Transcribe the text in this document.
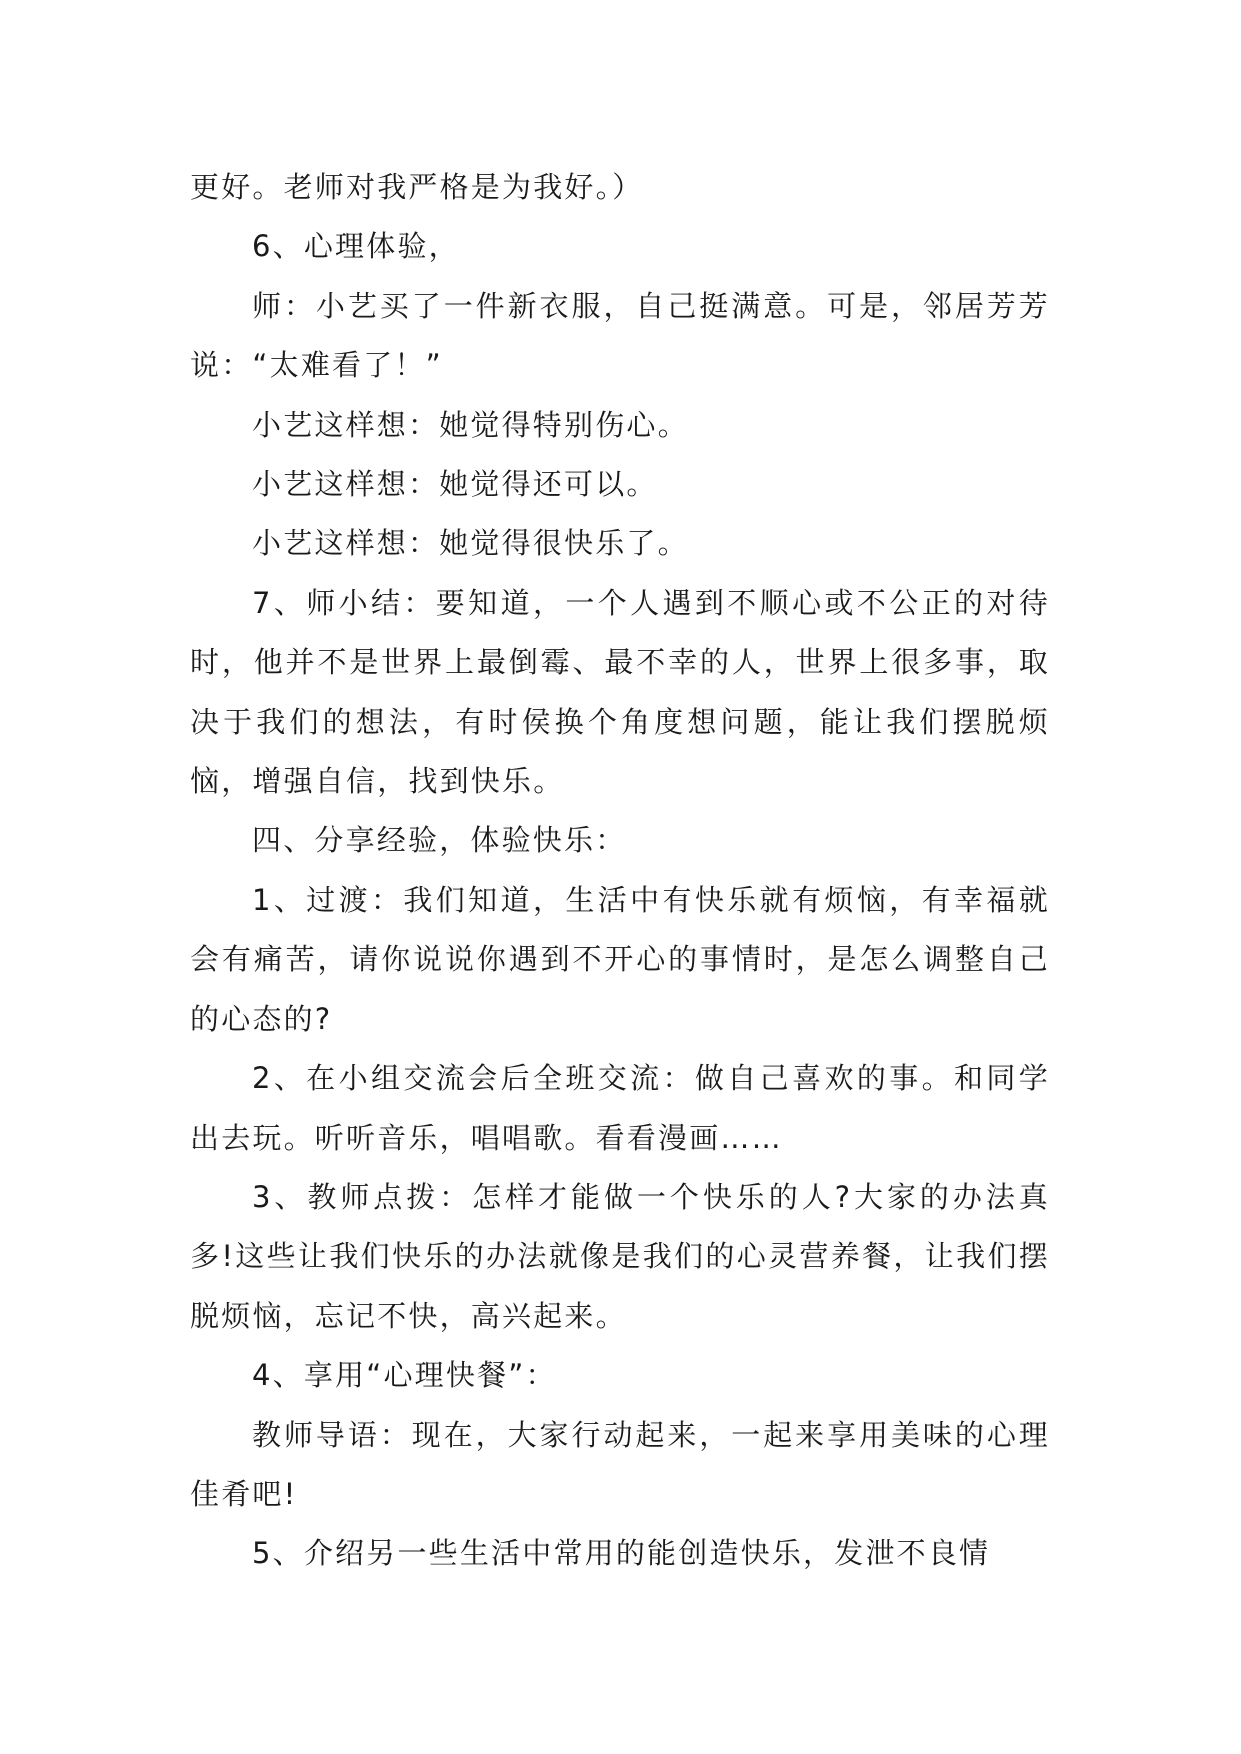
更好。老师对我严格是为我好。）

6、心理体验，

师：小艺买了一件新衣服，自己挺满意。可是，邻居芳芳说：“太难看了！”

小艺这样想：她觉得特别伤心。

小艺这样想：她觉得还可以。

小艺这样想：她觉得很快乐了。

7、师小结：要知道，一个人遇到不顺心或不公正的对待时，他并不是世界上最倒霉、最不幸的人，世界上很多事，取决于我们的想法，有时侯换个角度想问题，能让我们摆脱烦恼，增强自信，找到快乐。

四、分享经验，体验快乐：

1、过渡：我们知道，生活中有快乐就有烦恼，有幸福就会有痛苦，请你说说你遇到不开心的事情时，是怎么调整自己的心态的?

2、在小组交流会后全班交流：做自己喜欢的事。和同学出去玩。听听音乐，唱唱歌。看看漫画……

3、教师点拨：怎样才能做一个快乐的人?大家的办法真多!这些让我们快乐的办法就像是我们的心灵营养餐，让我们摆脱烦恼，忘记不快，高兴起来。

4、享用“心理快餐”：

教师导语：现在，大家行动起来，一起来享用美味的心理佳肴吧!

5、介绍另一些生活中常用的能创造快乐，发泄不良情
